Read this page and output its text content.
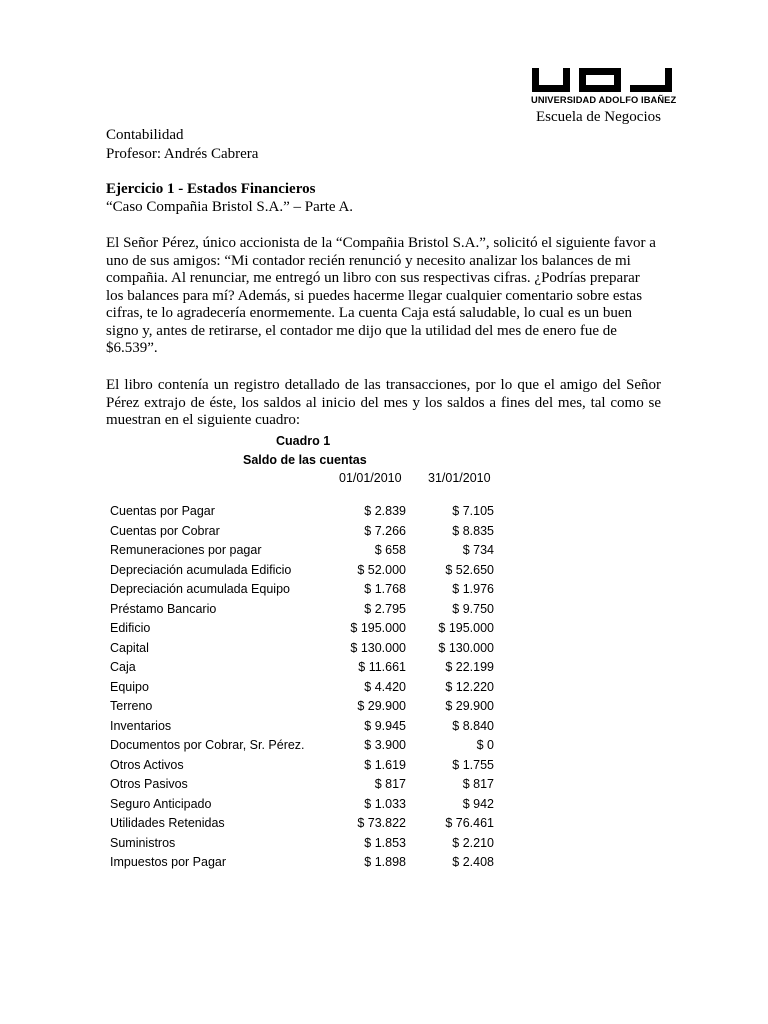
UNIVERSIDAD ADOLFO IBAÑEZ
Escuela de Negocios
Contabilidad
Profesor: Andrés Cabrera
Ejercicio 1 - Estados Financieros
“Caso Compañia Bristol S.A.” – Parte A.
El Señor Pérez, único accionista de la “Compañia Bristol S.A.”, solicitó el siguiente favor a
uno de sus amigos: “Mi contador recién renunció y necesito analizar los balances de mi
compañia. Al renunciar, me entregó un libro con sus respectivas cifras. ¿Podrías preparar
los balances para mí? Además, si puedes hacerme llegar cualquier comentario sobre estas
cifras, te lo agradecería enormemente. La cuenta Caja está saludable, lo cual es un buen
signo y, antes de retirarse, el contador me dijo que la utilidad del mes de enero fue de
$6.539”.
El libro contenía un registro detallado de las transacciones, por lo que el amigo del Señor
Pérez extrajo de éste, los saldos al inicio del mes y los saldos a fines del mes, tal como se
muestran en el siguiente cuadro:
Cuadro 1
Saldo de las cuentas
01/01/2010 31/01/2010
Cuentas por Pagar	$ 2.839	$ 7.105
Cuentas por Cobrar	$ 7.266	$ 8.835
Remuneraciones por pagar	$ 658	$ 734
Depreciación acumulada Edificio	$ 52.000	$ 52.650
Depreciación acumulada Equipo	$ 1.768	$ 1.976
Préstamo Bancario	$ 2.795	$ 9.750
Edificio	$ 195.000	$ 195.000
Capital	$ 130.000	$ 130.000
Caja	$ 11.661	$ 22.199
Equipo	$ 4.420	$ 12.220
Terreno	$ 29.900	$ 29.900
Inventarios	$ 9.945	$ 8.840
Documentos por Cobrar, Sr. Pérez.	$ 3.900	$ 0
Otros Activos	$ 1.619	$ 1.755
Otros Pasivos	$ 817	$ 817
Seguro Anticipado	$ 1.033	$ 942
Utilidades Retenidas	$ 73.822	$ 76.461
Suministros	$ 1.853	$ 2.210
Impuestos por Pagar	$ 1.898	$ 2.408
